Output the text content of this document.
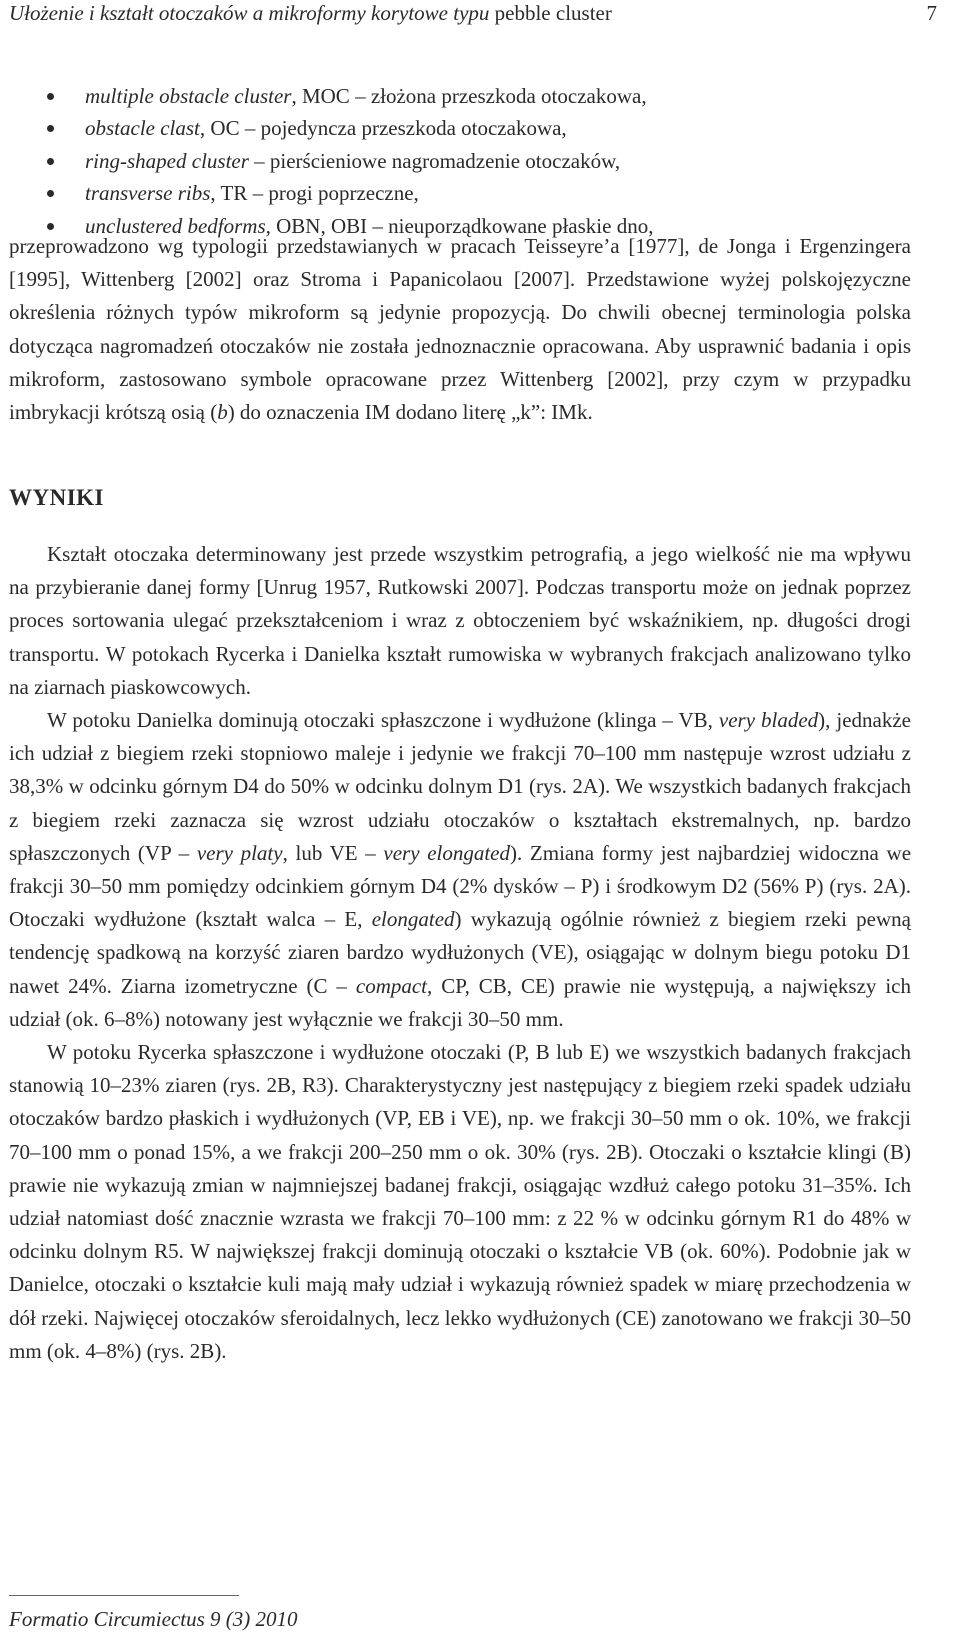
Ułożenie i kształt otoczaków a mikroformy korytowe typu pebble cluster	7
multiple obstacle cluster, MOC – złożona przeszkoda otoczakowa,
obstacle clast, OC – pojedyncza przeszkoda otoczakowa,
ring-shaped cluster – pierścieniowe nagromadzenie otoczaków,
transverse ribs, TR – progi poprzeczne,
unclustered bedforms, OBN, OBI – nieuporządkowane płaskie dno,

przeprowadzono wg typologii przedstawianych w pracach Teisseyre’a [1977], de Jonga i Ergenzingera [1995], Wittenberg [2002] oraz Stroma i Papanicolaou [2007]. Przedstawione wyżej polskojęzyczne określenia różnych typów mikroform są jedynie propozycją. Do chwili obecnej terminologia polska dotycząca nagromadzeń otoczaków nie została jednoznacznie opracowana. Aby usprawnić badania i opis mikroform, zastosowano symbole opracowane przez Wittenberg [2002], przy czym w przypadku imbrykacji krótszą osią (b) do oznaczenia IM dodano literę „k”: IMk.

WYNIKI

Kształt otoczaka determinowany jest przede wszystkim petrografią, a jego wielkość nie ma wpływu na przybieranie danej formy [Unrug 1957, Rutkowski 2007]. Podczas transportu może on jednak poprzez proces sortowania ulegać przekształceniom i wraz z obtoczeniem być wskaźnikiem, np. długości drogi transportu. W potokach Rycerka i Danielka kształt rumowiska w wybranych frakcjach analizowano tylko na ziarnach piaskowcowych.

W potoku Danielka dominują otoczaki spłaszczone i wydłużone (klinga – VB, very bladed), jednakże ich udział z biegiem rzeki stopniowo maleje i jedynie we frakcji 70–100 mm następuje wzrost udziału z 38,3% w odcinku górnym D4 do 50% w odcinku dolnym D1 (rys. 2A). We wszystkich badanych frakcjach z biegiem rzeki zaznacza się wzrost udziału otoczaków o kształtach ekstremalnych, np. bardzo spłaszczonych (VP – very platy, lub VE – very elongated). Zmiana formy jest najbardziej widoczna we frakcji 30–50 mm pomiędzy odcinkiem górnym D4 (2% dysków – P) i środkowym D2 (56% P) (rys. 2A). Otoczaki wydłużone (kształt walca – E, elongated) wykazują ogólnie również z biegiem rzeki pewną tendencję spadkową na korzyść ziaren bardzo wydłużonych (VE), osiągając w dolnym biegu potoku D1 nawet 24%. Ziarna izometryczne (C – compact, CP, CB, CE) prawie nie występują, a największy ich udział (ok. 6–8%) notowany jest wyłącznie we frakcji 30–50 mm.

W potoku Rycerka spłaszczone i wydłużone otoczaki (P, B lub E) we wszystkich badanych frakcjach stanowią 10–23% ziaren (rys. 2B, R3). Charakterystyczny jest następujący z biegiem rzeki spadek udziału otoczaków bardzo płaskich i wydłużonych (VP, EB i VE), np. we frakcji 30–50 mm o ok. 10%, we frakcji 70–100 mm o ponad 15%, a we frakcji 200–250 mm o ok. 30% (rys. 2B). Otoczaki o kształcie klingi (B) prawie nie wykazują zmian w najmniejszej badanej frakcji, osiągając wzdłuż całego potoku 31–35%. Ich udział natomiast dość znacznie wzrasta we frakcji 70–100 mm: z 22 % w odcinku górnym R1 do 48% w odcinku dolnym R5. W największej frakcji dominują otoczaki o kształcie VB (ok. 60%). Podobnie jak w Danielce, otoczaki o kształcie kuli mają mały udział i wykazują również spadek w miarę przechodzenia w dół rzeki. Najwięcej otoczaków sferoidalnych, lecz lekko wydłużonych (CE) zanotowano we frakcji 30–50 mm (ok. 4–8%) (rys. 2B).

Formatio Circumiectus 9 (3) 2010
